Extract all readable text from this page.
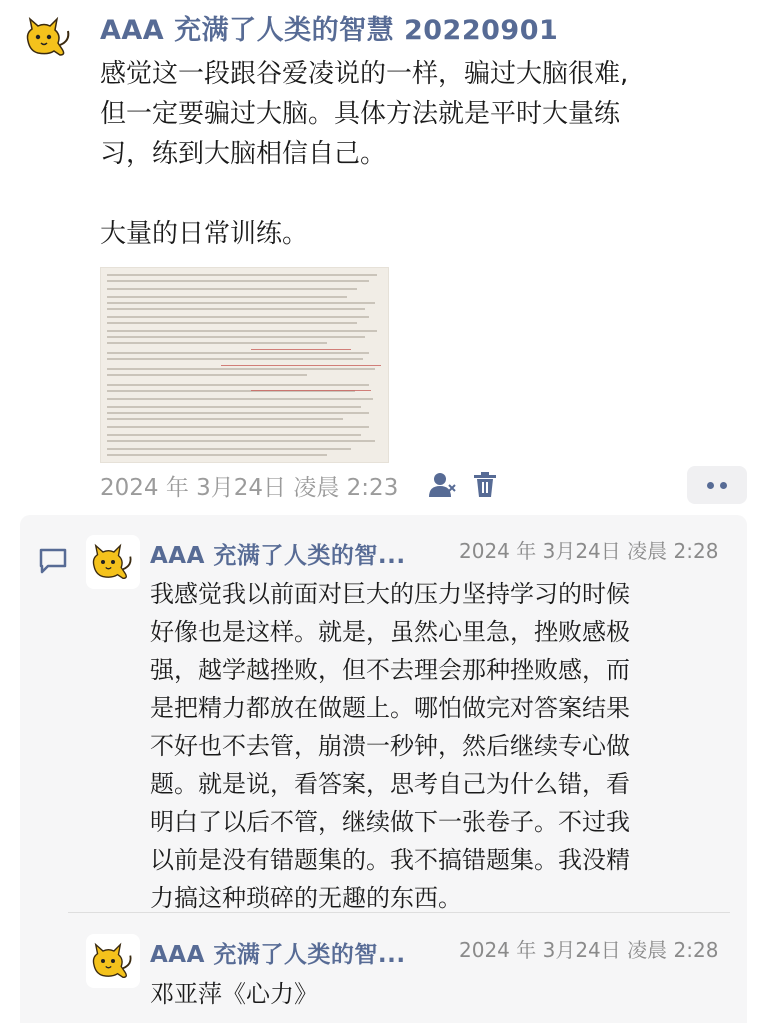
AAA 充满了人类的智慧 20220901

感觉这一段跟谷爱凌说的一样，骗过大脑很难,

但一定要骗过大脑。具体方法就是平时大量练

习，练到大脑相信自己。

大量的日常训练。

2024 年 3月24日 凌晨 2:23
AAA 充满了人类的智...	2024 年 3月24日 凌晨 2:28
我感觉我以前面对巨大的压力坚持学习的时候
好像也是这样。就是，虽然心里急，挫败感极
强，越学越挫败，但不去理会那种挫败感，而
是把精力都放在做题上。哪怕做完对答案结果
不好也不去管，崩溃一秒钟，然后继续专心做
题。就是说，看答案，思考自己为什么错，看
明白了以后不管，继续做下一张卷子。不过我
以前是没有错题集的。我不搞错题集。我没精
力搞这种琐碎的无趣的东西。
AAA 充满了人类的智...	2024 年 3月24日 凌晨 2:28
邓亚萍《心力》
